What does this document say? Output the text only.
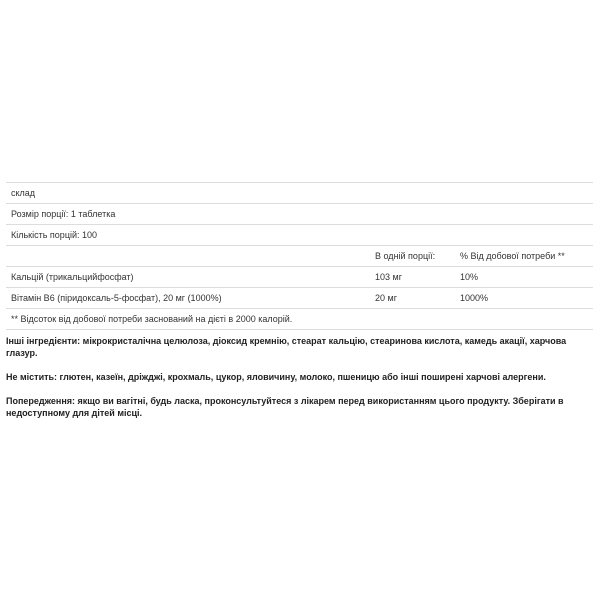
склад		
Розмір порції: 1 таблетка		
Кількість порцій: 100		
	В одній порції:	% Від добової потреби **
Кальцій (трикальцийфосфат)	103 мг	10%
Вітамін B6 (піридоксаль-5-фосфат), 20 мг (1000%)	20 мг	1000%
** Відсоток від добової потреби заснований на дієті в 2000 калорій.		

Інші інгредієнти: мікрокристалічна целюлоза, діоксид кремнію, стеарат кальцію, стеаринова кислота, камедь акації, харчова глазур.

Не містить: глютен, казеїн, дріжджі, крохмаль, цукор, яловичину, молоко, пшеницю або інші поширені харчові алергени.

Попередження: якщо ви вагітні, будь ласка, проконсультуйтеся з лікарем перед використанням цього продукту. Зберігати в недоступному для дітей місці.
